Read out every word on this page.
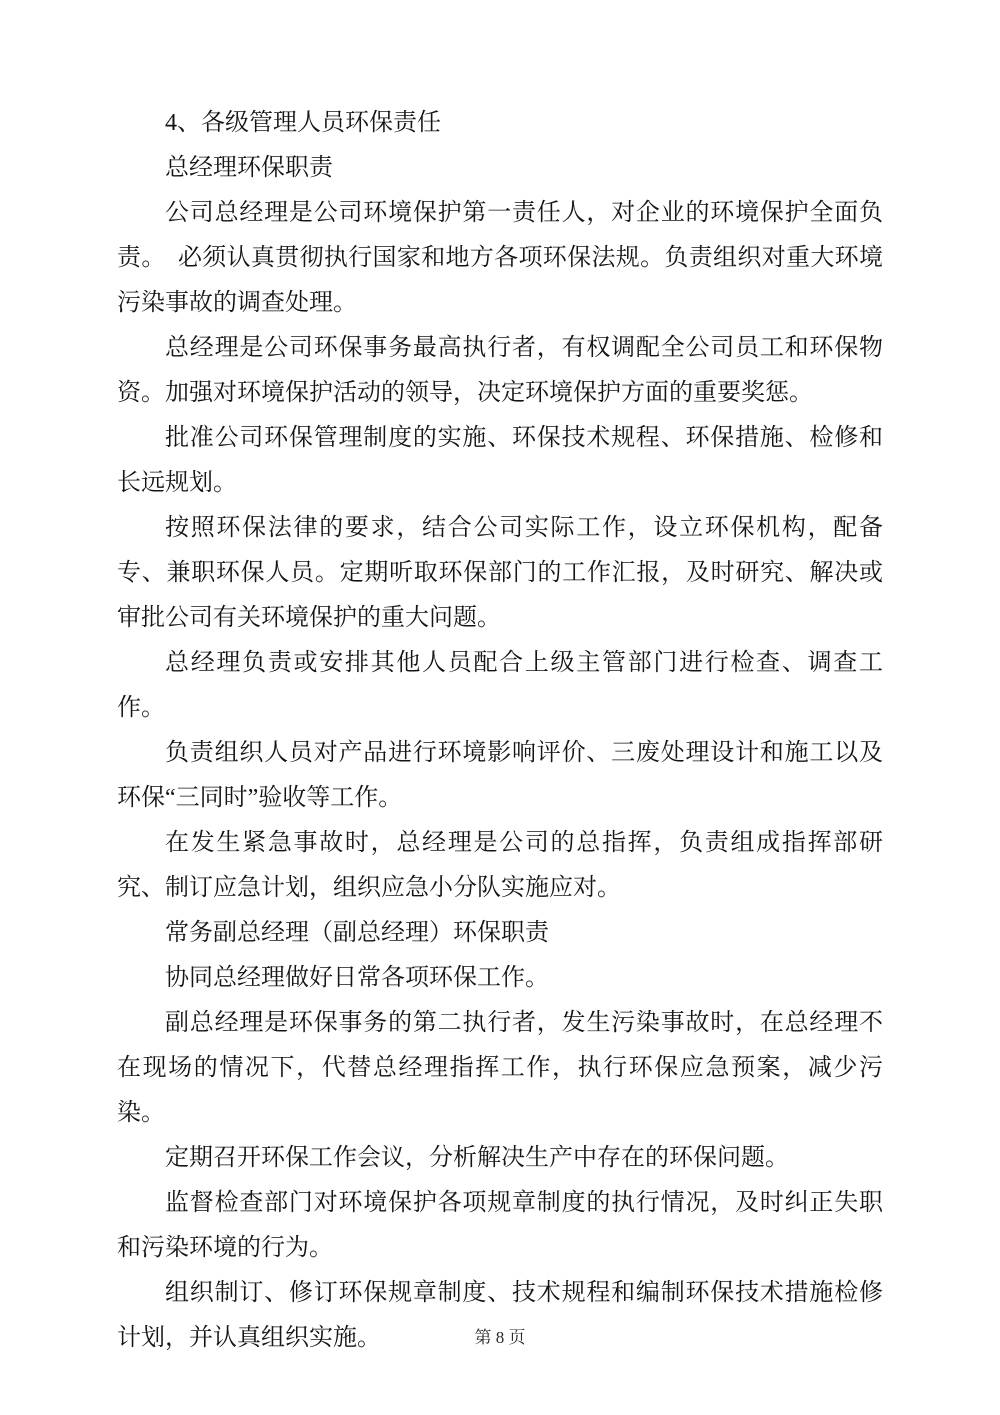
4、各级管理人员环保责任

总经理环保职责

公司总经理是公司环境保护第一责任人，对企业的环境保护全面负责。　必须认真贯彻执行国家和地方各项环保法规。负责组织对重大环境污染事故的调查处理。

总经理是公司环保事务最高执行者，有权调配全公司员工和环保物资。加强对环境保护活动的领导，决定环境保护方面的重要奖惩。

批准公司环保管理制度的实施、环保技术规程、环保措施、检修和长远规划。

按照环保法律的要求，结合公司实际工作，设立环保机构，配备专、兼职环保人员。定期听取环保部门的工作汇报，及时研究、解决或审批公司有关环境保护的重大问题。

总经理负责或安排其他人员配合上级主管部门进行检查、调查工作。

负责组织人员对产品进行环境影响评价、三废处理设计和施工以及环保“三同时”验收等工作。

在发生紧急事故时，总经理是公司的总指挥，负责组成指挥部研究、制订应急计划，组织应急小分队实施应对。

常务副总经理（副总经理）环保职责

协同总经理做好日常各项环保工作。

副总经理是环保事务的第二执行者，发生污染事故时，在总经理不在现场的情况下，代替总经理指挥工作，执行环保应急预案，减少污染。

定期召开环保工作会议，分析解决生产中存在的环保问题。

监督检查部门对环境保护各项规章制度的执行情况，及时纠正失职和污染环境的行为。

组织制订、修订环保规章制度、技术规程和编制环保技术措施检修计划，并认真组织实施。	第 8 页
